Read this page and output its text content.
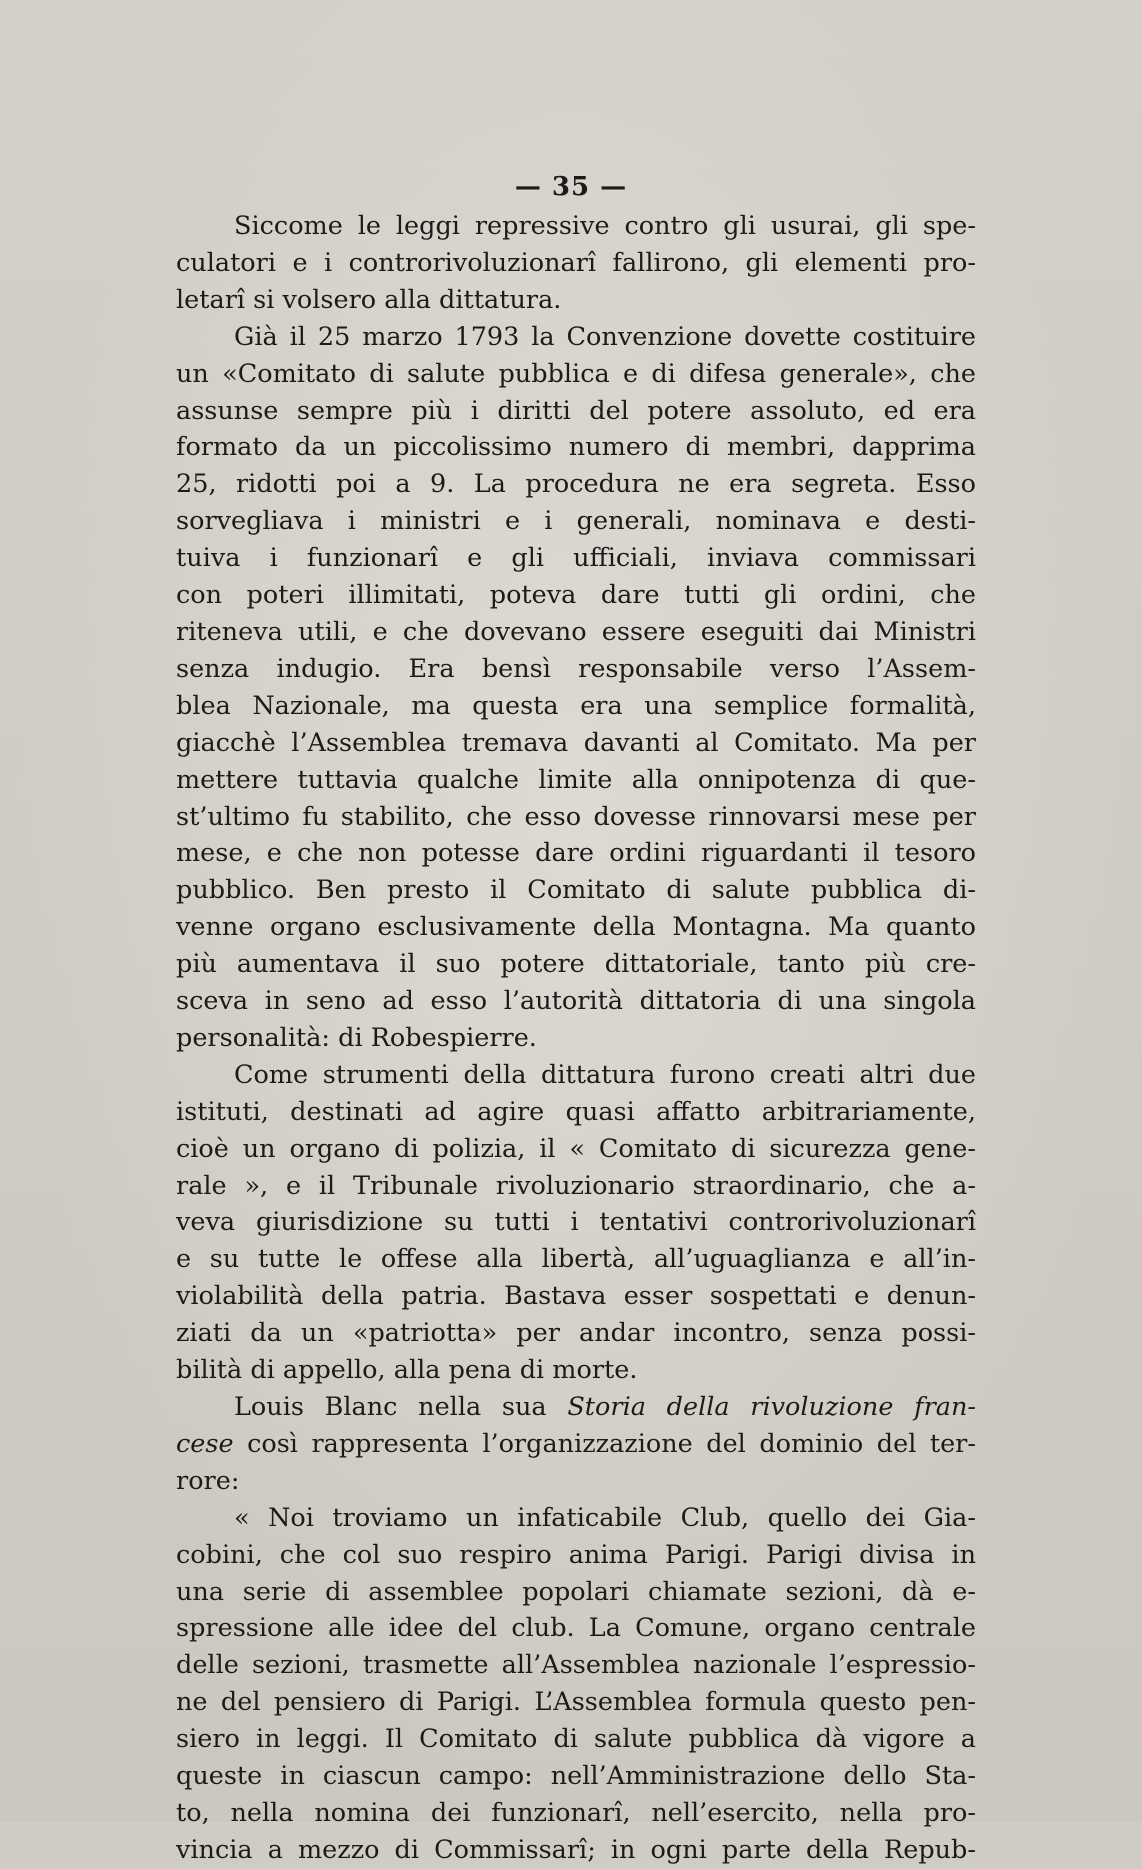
— 35 —
Siccome le leggi repressive contro gli usurai, gli spe-
culatori e i controrivoluzionarî fallirono, gli elementi pro-
letarî si volsero alla dittatura.
Già il 25 marzo 1793 la Convenzione dovette costituire
un «Comitato di salute pubblica e di difesa generale», che
assunse sempre più i diritti del potere assoluto, ed era
formato da un piccolissimo numero di membri, dapprima
25, ridotti poi a 9. La procedura ne era segreta. Esso
sorvegliava i ministri e i generali, nominava e desti-
tuiva i funzionarî e gli ufficiali, inviava commissari
con poteri illimitati, poteva dare tutti gli ordini, che
riteneva utili, e che dovevano essere eseguiti dai Ministri
senza indugio. Era bensì responsabile verso l’Assem-
blea Nazionale, ma questa era una semplice formalità,
giacchè l’Assemblea tremava davanti al Comitato. Ma per
mettere tuttavia qualche limite alla onnipotenza di que-
st’ultimo fu stabilito, che esso dovesse rinnovarsi mese per
mese, e che non potesse dare ordini riguardanti il tesoro
pubblico. Ben presto il Comitato di salute pubblica di-
venne organo esclusivamente della Montagna. Ma quanto
più aumentava il suo potere dittatoriale, tanto più cre-
sceva in seno ad esso l’autorità dittatoria di una singola
personalità: di Robespierre.
Come strumenti della dittatura furono creati altri due
istituti, destinati ad agire quasi affatto arbitrariamente,
cioè un organo di polizia, il « Comitato di sicurezza gene-
rale », e il Tribunale rivoluzionario straordinario, che a-
veva giurisdizione su tutti i tentativi controrivoluzionarî
e su tutte le offese alla libertà, all’uguaglianza e all’in-
violabilità della patria. Bastava esser sospettati e denun-
ziati da un «patriotta» per andar incontro, senza possi-
bilità di appello, alla pena di morte.
Louis Blanc nella sua Storia della rivoluzione fran-
cese così rappresenta l’organizzazione del dominio del ter-
rore:
« Noi troviamo un infaticabile Club, quello dei Gia-
cobini, che col suo respiro anima Parigi. Parigi divisa in
una serie di assemblee popolari chiamate sezioni, dà e-
spressione alle idee del club. La Comune, organo centrale
delle sezioni, trasmette all’Assemblea nazionale l’espressio-
ne del pensiero di Parigi. L’Assemblea formula questo pen-
siero in leggi. Il Comitato di salute pubblica dà vigore a
queste in ciascun campo: nell’Amministrazione dello Sta-
to, nella nomina dei funzionarî, nell’esercito, nella pro-
vincia a mezzo di Commissarî; in ogni parte della Repub-
